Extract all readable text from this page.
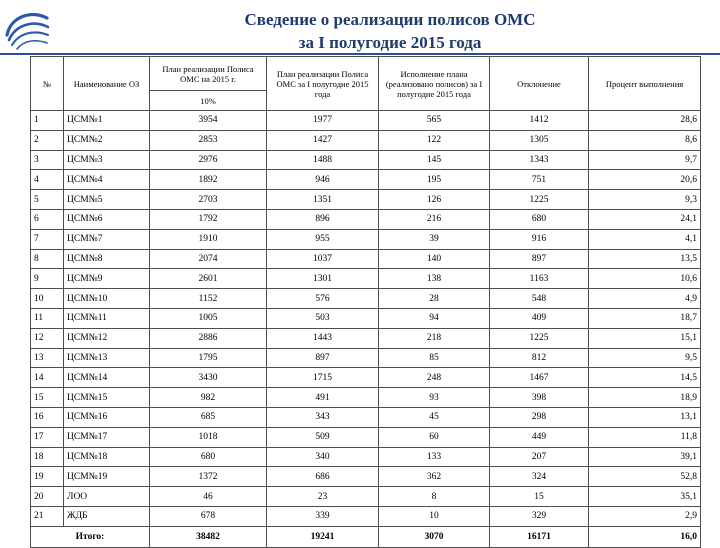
Сведение о реализации полисов ОМС
за I полугодие 2015 года
№	Наименование ОЗ	План реализации Полиса ОМС на 2015 г.	План реализации Полиса ОМС за I полугодие 2015 года	Исполнение плана (реализовано полисов) за I полугодие 2015 года	Отклонение	Процент выполнения
		10%				
1	ЦСМ№1	3954	1977	565	1412	28,6
2	ЦСМ№2	2853	1427	122	1305	8,6
3	ЦСМ№3	2976	1488	145	1343	9,7
4	ЦСМ№4	1892	946	195	751	20,6
5	ЦСМ№5	2703	1351	126	1225	9,3
6	ЦСМ№6	1792	896	216	680	24,1
7	ЦСМ№7	1910	955	39	916	4,1
8	ЦСМ№8	2074	1037	140	897	13,5
9	ЦСМ№9	2601	1301	138	1163	10,6
10	ЦСМ№10	1152	576	28	548	4,9
11	ЦСМ№11	1005	503	94	409	18,7
12	ЦСМ№12	2886	1443	218	1225	15,1
13	ЦСМ№13	1795	897	85	812	9,5
14	ЦСМ№14	3430	1715	248	1467	14,5
15	ЦСМ№15	982	491	93	398	18,9
16	ЦСМ№16	685	343	45	298	13,1
17	ЦСМ№17	1018	509	60	449	11,8
18	ЦСМ№18	680	340	133	207	39,1
19	ЦСМ№19	1372	686	362	324	52,8
20	ЛОО	46	23	8	15	35,1
21	ЖДБ	678	339	10	329	2,9
Итого:		38482	19241	3070	16171	16,0
